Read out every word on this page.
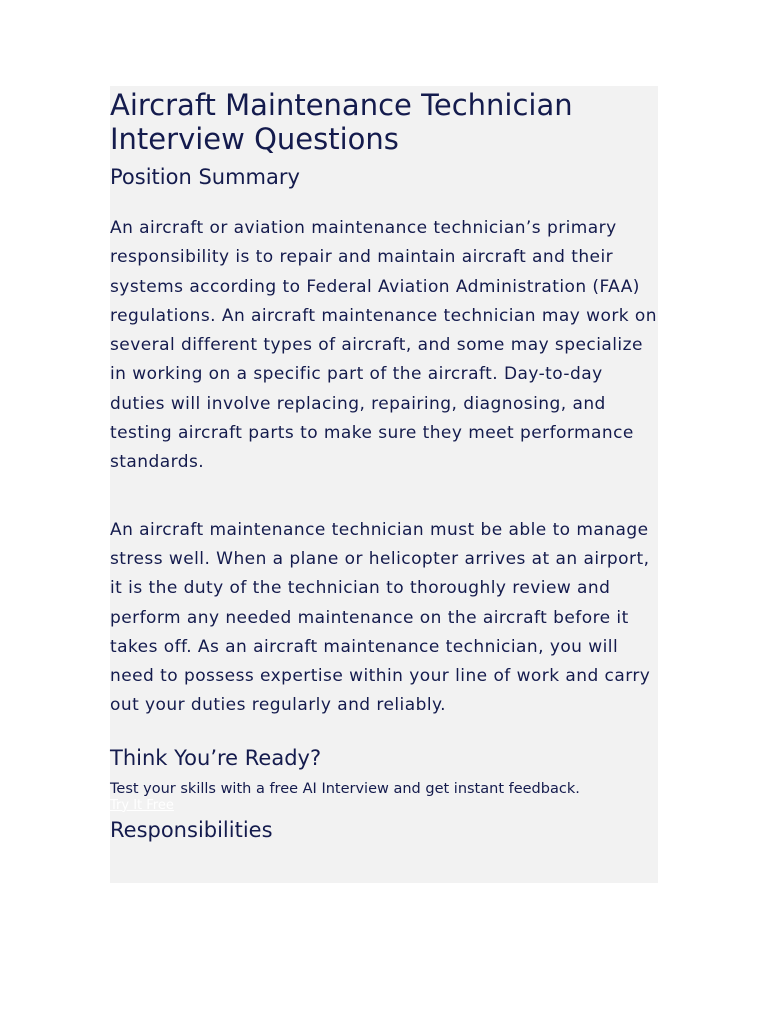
Aircraft Maintenance Technician Interview Questions
Position Summary

An aircraft or aviation maintenance technician’s primary responsibility is to repair and maintain aircraft and their systems according to Federal Aviation Administration (FAA) regulations. An aircraft maintenance technician may work on several different types of aircraft, and some may specialize in working on a specific part of the aircraft. Day-to-day duties will involve replacing, repairing, diagnosing, and testing aircraft parts to make sure they meet performance standards.

An aircraft maintenance technician must be able to manage stress well. When a plane or helicopter arrives at an airport, it is the duty of the technician to thoroughly review and perform any needed maintenance on the aircraft before it takes off. As an aircraft maintenance technician, you will need to possess expertise within your line of work and carry out your duties regularly and reliably.

Think You’re Ready?

Test your skills with a free AI Interview and get instant feedback.

Try It Free
Responsibilities
